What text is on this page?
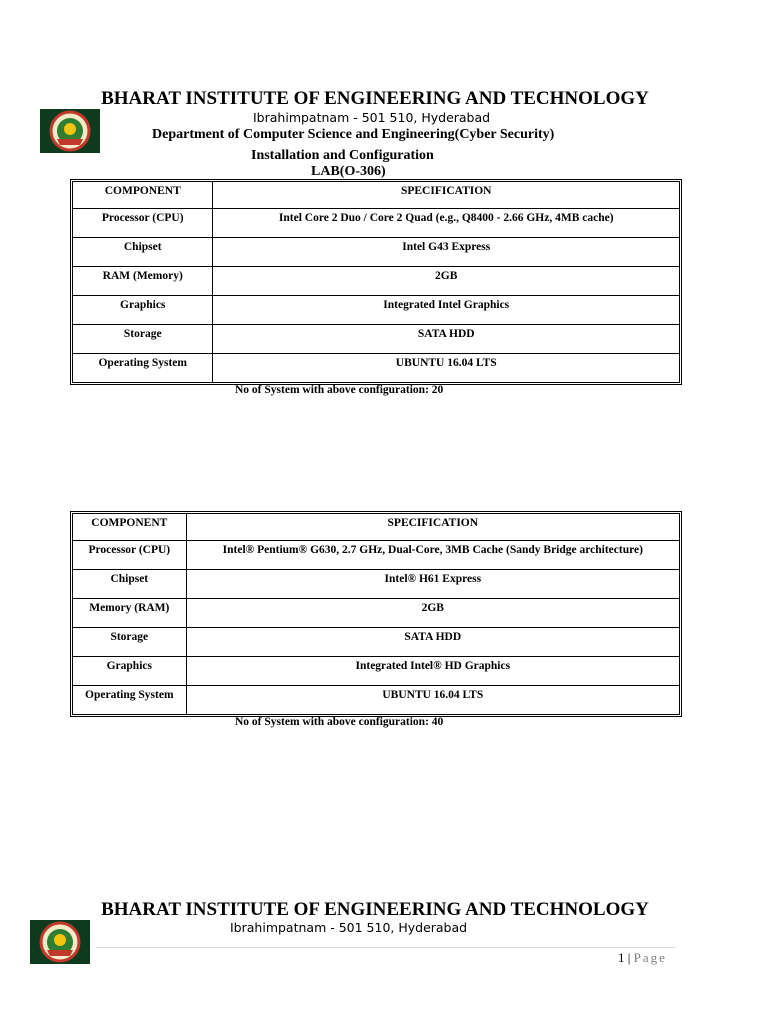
BHARAT INSTITUTE OF ENGINEERING AND TECHNOLOGY
Ibrahimpatnam - 501 510, Hyderabad
Department of Computer Science and Engineering(Cyber Security)
Installation and Configuration
LAB(O-306)
COMPONENT	SPECIFICATION
Processor (CPU)	Intel Core 2 Duo / Core 2 Quad (e.g., Q8400 - 2.66 GHz, 4MB cache)
Chipset	Intel G43 Express
RAM (Memory)	2GB
Graphics	Integrated Intel Graphics
Storage	SATA HDD
Operating System	UBUNTU 16.04 LTS
No of System with above configuration: 20
COMPONENT	SPECIFICATION
Processor (CPU)	Intel® Pentium® G630, 2.7 GHz, Dual-Core, 3MB Cache (Sandy Bridge architecture)
Chipset	Intel® H61 Express
Memory (RAM)	2GB
Storage	SATA HDD
Graphics	Integrated Intel® HD Graphics
Operating System	UBUNTU 16.04 LTS
No of System with above configuration: 40
BHARAT INSTITUTE OF ENGINEERING AND TECHNOLOGY
Ibrahimpatnam - 501 510, Hyderabad
1 | Page
